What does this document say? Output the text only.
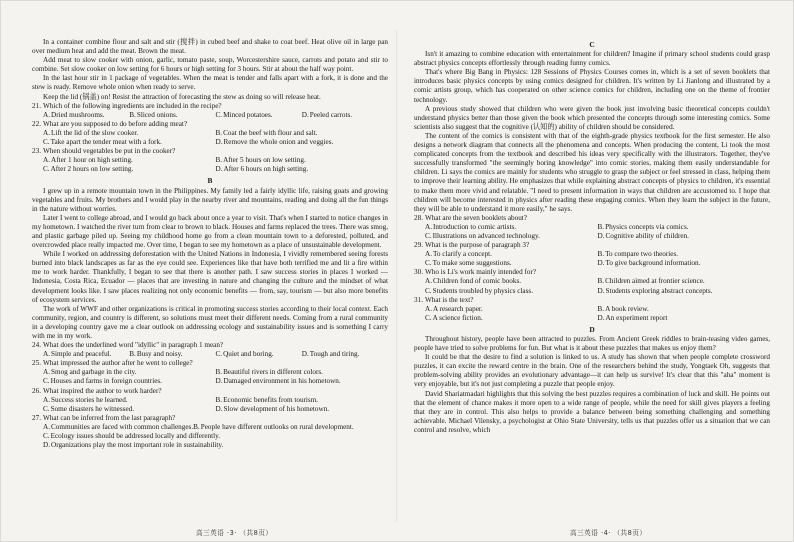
In a container combine flour and salt and stir (搅拌) in cubed beef and shake to coat beef. Heat olive oil in large pan over medium heat and add the meat. Brown the meat.

Add meat to slow cooker with onion, garlic, tomato paste, soup, Worcestershire sauce, carrots and potato and stir to combine. Set slow cooker on low setting for 6 hours or high setting for 3 hours. Stir at about the half way point.

In the last hour stir in 1 package of vegetables. When the meat is tender and falls apart with a fork, it is done and the stew is ready. Remove whole onion when ready to serve.

Keep the lid (锅盖) on! Resist the attraction of forecasting the stew as doing so will release heat.

21. Which of the following ingredients are included in the recipe?
A.Dried mushrooms.	B.Sliced onions.	C.Minced potatoes.	D.Peeled carrots.
22. What are you supposed to do before adding meat?
A.Lift the lid of the slow cooker.	B.Coat the beef with flour and salt.
C.Take apart the tender meat with a fork.	D.Remove the whole onion and veggies.
23. When should vegetables be put in the cooker?
A.After 1 hour on high setting.	B.After 5 hours on low setting.
C.After 2 hours on low setting.	D.After 6 hours on high setting.
B

I grew up in a remote mountain town in the Philippines. My family led a fairly idyllic life, raising goats and growing vegetables and fruits. My brothers and I would play in the nearby river and mountains, reading and doing all the fun things in the nature without worries.

Later I went to college abroad, and I would go back about once a year to visit. That's when I started to notice changes in my hometown. I watched the river turn from clear to brown to black. Houses and farms replaced the trees. There was smog, and plastic garbage piled up. Seeing my childhood home go from a clean mountain town to a deforested, polluted, and overcrowded place really impacted me. Over time, I began to see my hometown as a place of unsustainable development.

While I worked on addressing deforestation with the United Nations in Indonesia, I vividly remembered seeing forests burned into black landscapes as far as the eye could see. Experiences like that have both terrified me and lit a fire within me to work harder. Thankfully, I began to see that there is another path. I saw success stories in places I worked — Indonesia, Costa Rica, Ecuador — places that are investing in nature and changing the culture and the mindset of what development looks like. I saw places realizing not only economic benefits — from, say, tourism — but also more benefits of ecosystem services.

The work of WWF and other organizations is critical in promoting success stories according to their local context. Each community, region, and country is different, so solutions must meet their different needs. Coming from a rural community in a developing country gave me a clear outlook on addressing ecology and sustainability issues and is something I carry with me in my work.

24. What does the underlined word "idyllic" in paragraph 1 mean?
A.Simple and peaceful.	B.Busy and noisy.	C.Quiet and boring.	D.Tough and tiring.
25. What impressed the author after he went to college?
A.Smog and garbage in the city.	B.Beautiful rivers in different colors.
C.Houses and farms in foreign countries.	D.Damaged environment in his hometown.
26. What inspired the author to work harder?
A.Success stories he learned.	B.Economic benefits from tourism.
C.Some disasters he witnessed.	D.Slow development of his hometown.
27. What can be inferred from the last paragraph?
A.Communities are faced with common challenges. B.People have different outlooks on rural development.
C.Ecology issues should be addressed locally and differently.
D.Organizations play the most important role in sustainability.
C

Isn't it amazing to combine education with entertainment for children? Imagine if primary school students could grasp abstract physics concepts effortlessly through reading funny comics.

That's where Big Bang in Physics: 128 Sessions of Physics Courses comes in, which is a set of seven booklets that introduces basic physics concepts by using comics designed for children. It's written by Li Jianlong and illustrated by a comic artists group, which has cooperated on other science comics for children, including one on the theme of frontier technology.

A previous study showed that children who were given the book just involving basic theoretical concepts couldn't understand physics better than those given the book which presented the concepts through some interesting comics. Some scientists also suggest that the cognitive (认知的) ability of children should be considered.

The content of the comics is consistent with that of the eighth-grade physics textbook for the first semester. He also designs a network diagram that connects all the phenomena and concepts. When producing the content, Li took the most complicated concepts from the textbook and described his ideas very specifically with the illustrators. Together, they've successfully transformed "the seemingly boring knowledge" into comic stories, making them easily understandable for children. Li says the comics are mainly for students who struggle to grasp the subject or feel stressed in class, helping them to improve their learning ability. He emphasizes that while explaining abstract concepts of physics to children, it's essential to make them more vivid and relatable. "I need to present information in ways that children are accustomed to. I hope that children will become interested in physics after reading these engaging comics. When they learn the subject in the future, they will be able to understand it more easily," he says.

28. What are the seven booklets about?
A.Introduction to comic artists.	B.Physics concepts via comics.
C.Illustrations on advanced technology.	D.Cognitive ability of children.
29. What is the purpose of paragraph 3?
A.To clarify a concept.	B.To compare two theories.
C.To make some suggestions.	D.To give background information.
30. Who is Li's work mainly intended for?
A.Children fond of comic books.	B.Children aimed at frontier science.
C.Students troubled by physics class.	D.Students exploring abstract concepts.
31. What is the text?
A.A research paper.	B.A book review.
C.A science fiction.	D.An experiment report
D

Throughout history, people have been attracted to puzzles. From Ancient Greek riddles to brain-teasing video games, people have tried to solve problems for fun. But what is it about these puzzles that makes us enjoy them?

It could be that the desire to find a solution is linked to us. A study has shown that when people complete crossword puzzles, it can excite the reward centre in the brain. One of the researchers behind the study, Yongtaek Oh, suggests that problem-solving ability provides an evolutionary advantage—it can help us survive! It's clear that this "aha" moment is very enjoyable, but it's not just completing a puzzle that people enjoy.

David Shariatmadari highlights that this solving the best puzzles requires a combination of luck and skill. He points out that the element of chance makes it more open to a wide range of people, while the need for skill gives players a feeling that they are in control. This also helps to provide a balance between being something challenging and something achievable. Michael Vilensky, a psychologist at Ohio State University, tells us that puzzles offer us a situation that we can control and resolve, which

高三英语 ·3· （共8页）	高三英语 ·4· （共8页）
